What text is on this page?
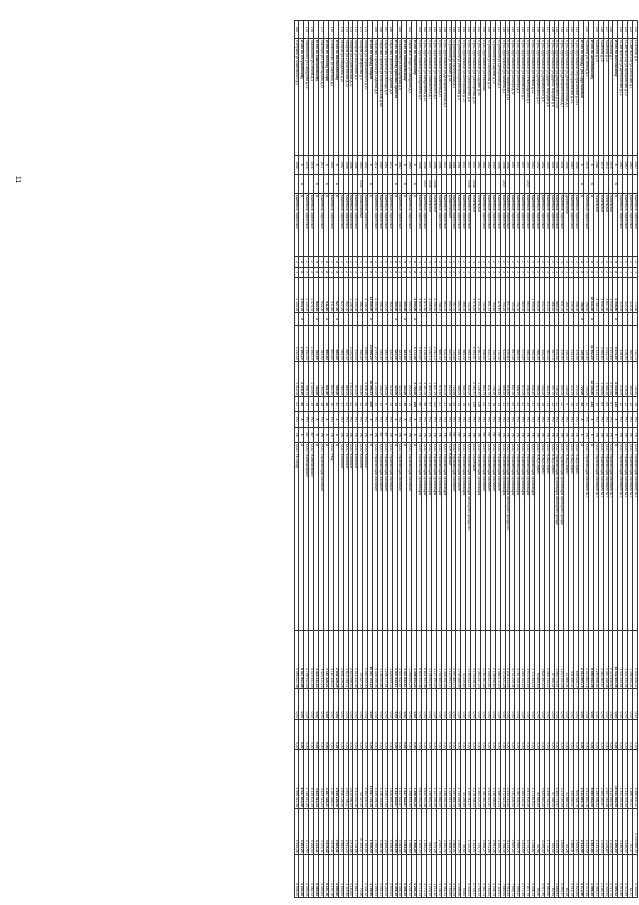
11
122	с.Октябрь д.8	1950		Каменные, кирпичные	2	1	772,80		712,70	702,50	18	РО	УК	ООО "Управляющая компания №1"	2 502 608,32	0,00	0,00	2 566 600,32	2 200 666,40	4 326,84
123	с.Светлый Бор ул.Школьная д.1	1960		Каменные, кирпичные	2	1	415,00		380,00	380,00	12	РО	УК	ООО "Управляющая компания №1"	1 456 553,01	0,00	0,00	1 366 795,07	81,37	81,37
124	с.Светлый Бор ул.Центральная д.10	1960		Каменные, кирпичные	2	1	410,00		378,00	378,00	12	РО	УК	ООО "Управляющая компания №1"	1 431 334,54	0,00	0,00	1 431 334,54	3 236,54	4 472,89
125	с.Светлый Бор ул.Центральная д.12	1960		Каменные, кирпичные	2	1	410,00		378,00	378,00	12	РО	УК	ООО "Управляющая компания №1"	1 431 334,54	0,00	0,00	1 431 334,54	3 236,54	4 472,89
	Итого по Вохтожскому	X	X	X	X	X	4 058,80	X	4 073,60	4 030,80	114	X	X	X	15 511 665,08	0,00	0,00	15 511 665,08	2 286,00	3 890,42
126	п.Шексна д.7	1978		Панельные	5	2	3 930,00		3 571,60	3 571,60	67	РО	УК	ООО "Управляющая компания №7"	2 413 946,52	0,00	0,00	2 413 946,52	1 224,50	1 717,70
127	п.Шексна д.14	1979		Панельные	5	2	3 857,80		3 411,70	3 564,30	63	РО	УК	ООО "Управляющая компания №7"	2 497 348,38	0,00	0,00	2 497 348,38	2 206,80	2 025,90
128	п.Шексна д.15	1979		Панельные	5	2	3 856,90		3 395,80	3 395,80	64	РО	УК	ООО "Управляющая компания №7"	2 483 360,67	0,00	0,00	2 483 360,67	2 205,40	2 185,30
129	п.Шексна д.16	1982		Панельные	5	2	3 786,70		1 573,10	1 573,10	30	РО	УК	ООО "Управляющая компания №7"	1 290 996,52	0,00	0,00	1 290 996,52	2 144,02	2 095,21
	Итого по Шекснинскому	X	X	X	X	X	15 431,40	X	11 952,20	12 104,80	224	X	X	X	8 685 652,09	0,00	0,00	8 685 652,09	1 887,84	1 998,38
130	п.Шексна ул.Ленина д.3	1976		Каменные, кирпичные	2	2	798,50		729,00	729,00	32	РО	УК	ООО "Управляющая компания №7"	2 513 863,78	0,00	0,00	2 513 863,78	2 513,59	4 072,98
	Итого по городу Гусь-Хрустальный	X	X	X	X	X	798,50	X	729,00	729,00	32	X	X	X	2 513 863,78	0,00	0,00	2 513 863,78	2 513,59	4 072,98
131	г.Гусь-Хрустальный пер.Пушкинский д.20/1	1958		Каменные, кирпичные	2	2	398,00		374,00	374,00	14	РО	УК	ООО "ЖЭЦ Сервис"	605 028,79	0,00	0,00	605 028,79	1 609,83	4 625,83
132	г.Гусь-Хрустальный пер.Пушкинский д.2/1	1960		Каменные, кирпичные	2	1	239,00		214,10	214,10	10	РО	УК	ООО "ЖЭЦ Сервис"	404 559,01	0,00	0,00	404 559,01	1 889,51	4 515,79
133	г.Гусь-Хрустальный ул.Демократическая д.3	1936		Деревянные	2	1	165,00		149,00	149,00	6	РО	УК	ООО "ЖЭЦ Сервис"	41 866,04	0,00	0,00	41 866,04	83,28	83,28
134	г.Гусь-Хрустальный ул.Демократическая д.7	1934		Каменные, кирпичные	3	2	631,70		579,00	552,00	12	РО	УК	ООО "Управляющая организация жилищного фонда"	1 210 191,25	0,00	0,00	1 210 191,25	2 845,94	4 093,37
135	г.Гусь-Хрустальный ул.Дзержинского д.27/29	1934		Каменные, кирпичные	2	2	884,00		815,00	736,52	22	РО	УК	ООО "Управляющая организация жилищного фонда"	1 990 775,57	0,00	0,00	1 990 775,57	2 505,09	4 688,94
136	г.Гусь-Хрустальный ул.Дружбы Народов д.6	1954		Каменные, кирпичные	2	1	466,10		397,70	397,70	12	РО	УК	ООО "ЖЭЦ Сервис"	57 366,04	0,00	0,00	57 366,04	763,53	80,53
137	г.Гусь-Хрустальный ул.Дружбы Народов д.8	1953		Каменные, кирпичные	2	2	412,10		363,40	363,40	13	РО	УК	ООО "ЖЭЦ Сервис"	2 449 734,21	0,00	0,00	2 449 734,21	1 774,42	8 663,66
138	г.Гусь-Хрустальный ул.Дзержинского д.5	1952		Каменные, кирпичные	2	2	443,70		403,00	403,00	18	РО	УК	ООО "ЖЭЦ Сервис"	1 624 591,40	0,00	0,00	1 624 591,40	3 000,30	4 017,99
139	г.Гусь-Хрустальный ул.Дзержинского д.10	1952		Каменные, кирпичные	2	2	600,00		566,00	566,00	20	РО	УК	ООО "ЖЭЦ Сервис"	90 665,65	0,00	0,00	90 665,65	55,96	55,96
140	г.Гусь-Хрустальный ул.Ленина д.12	1950		Каменные, кирпичные	2	2	1 050,00		944,40	944,40	21	РО	УК	ООО "Управляющая организация"	1 171 815,11	0,00	0,00	1 171 815,11	1 258,82	4 038,13
141	г.Гусь-Хрустальный ул.Ленинградская д.3	1957	2007	Каменные, кирпичные	2	2	660,00		558,30	558,30	25	РО	УК	ООО "Управляющая организация"	3 971 903,49	0,00	0,00	3 971 903,49	4 075,10	7 877,79
142	г.Гусь-Хрустальный ул.Маяковского д.1	1957		Каменные, кирпичные	2	2	660,00		571,00	571,00	22	РО	УК	ООО "Управляющая организация"	1 583 193,42	0,00	0,00	1 583 193,42	1 813,89	2 771,45
143	г.Гусь-Хрустальный ул.Октября д.4	1957		Каменные, кирпичные	2	2	752,00		668,50	668,50	23	РО	УК	ООО "Управляющая организация"	3 781 305,03	0,00	0,00	3 781 305,03	4 666,78	7 999,22
144	г.Гусь-Хрустальный ул.Октября д.11	1957		Каменные, кирпичные	2	2	724,20		647,30	647,30	25	РО	УК	ООО "Управляющая организация"	3 731 205,04	0,00	0,00	3 731 205,04	4 654,30	7 999,71
145	г.Гусь-Хрустальный ул.Тимирязева д.14	1958		Каменные, кирпичные	2	2	647,40		616,80	616,80	22	РО	УК	ООО "Управляющая организация жилищного фонда №1"	2 234 143,43	0,00	0,00	2 234 143,43	3 213,21	4 014,00
146	г.Гусь-Хрустальный ул.Чапаева д.1	1958	2007	Каменные, кирпичные	2	2	754,20		672,00	669,40	21	РО	УК	ООО "Управляющая организация"	3 372 621,28	0,00	0,00	3 372 621,28	4 768,39	7 689,94
147	п.Гусевский ул.Октябрьская д.4	1998		Каменные, кирпичные	2	2	876,40		772,30	776,40	15	РО	НУ	ООО "Управляющая компания"	1 986 072,23	0,00	0,00	1 986 072,23	2 495,14	4 116,91
148	п.Гусевский ул.Садовая д.10	1959		Каменные, кирпичные	2	2	763,60		705,30	705,30	18	РО	НУ	ООО "Управляющая компания"	2 138 998,83	0,00	0,00	2 138 998,83	2 991,26	4 038,75
149	п.Гусевский ул.Пионерская д.16	1962		Каменные, кирпичные	2	2	891,70		813,70	811,70	21	РО	НУ	ООО "Управляющая компания"	2 948 921,61	0,00	0,00	2 948 921,61	2 914,68	4 163,84
150	г.Гусь-Хрустальный ул.Рязанская	1961		Каменные, кирпичные	2	2	702,60		648,50	663,70	23	РО	НУ	ООО "Управляющая компания"	1 762 361,55	0,00	0,00	1 762 361,55	2 698,27	4 062,73
151	г.Гусь-Хрустальный ул.Садовая д.59	1962		Панельные	5	2	3 331,40		2 961,00	1 126,40	126	РО	УК	ООО "Управляющая организация"	2 363 207,23	0,00	0,00	2 363 207,23	704,72	2 753,15
152	г.Гусь-Хрустальный ул.Транспортная д.29	1937	2008	Панельные	3	1	4 976,25		4 304,57	2 351,57	100	РО	УК	ООО "Стройзаказ"	3 176 038,31	0,00	0,00	3 176 038,31	1 223,97	2 716,17
153	г.Гусь-Хрустальный ул.Транспортная д.8	1937	2008	Каменные, кирпичные	3	2	750,00		695,00	634,00	12	РО	УК	ООО "Управляющая организация жилищного фонда №1"	1 195 042,37	0,00	0,00	1 195 042,37	1 720,65	4 016,00
154	г.Гусь-Хрустальный ул.Октябрьская д.14	1937		Каменные, кирпичные	2	1	566,00		585,00	585,00	15	РО	УК	ООО "Управляющая организация"	30 259,85	0,00	0,00	30 259,85	59,64	59,64
155	п.Гусевский ул.Интернациональная д.4	1964		Каменные, кирпичные	2	2	694,00		646,10	486,00	13	РО	НУ	ООО "Управляющая компания"	1 739 466,99	0,00	0,00	1 739 466,99	2 502,05	4 596,88
156	п.Гусевский ул.Октябрьская д.2	1964		Каменные, кирпичные	2	2	757,70		710,00	722,80	23	РО	НУ	ООО "Управляющая компания"	2 097 883,13	0,00	0,00	2 097 883,13	2 888,64	4 162,25
157	п.Гусевский ул.Южная д.3а	1968		Шлакоблочные	2	2	692,00		620,00	620,00	18	РО	НУ	ТСЖ "Южный"	1 120 944,71	0,00	0,00	1 120 944,71	1 808,79	4 793,62
158	г.Гусь-Хрустальный ул.Демократическая д.4	1957		Каменные, кирпичные	2	2	663,00		614,00	614,00	21	РО	УК	ООО "Управляющая организация"	1 448 392,53	0,00	0,00	1 448 392,53	2 590,99	4 052,33
159	г.Гусь-Хрустальный ул.Калинина д.20	1956		Каменные, кирпичные	2	2	758,00		686,30	670,40	21	РО	УК	ООО "Управляющая организация"	1 794 680,00	0,00	0,00	1 794 680,00	2 544,79	4 138,02
160	г.Гусь-Хрустальный ул.Чайковского д.5	1956	2008	Панельные	5	4	2 256,50		2 032,10	1 857,10	100	РО	УК	ООО "Управляющая организация"	1 127 495,30	0,00	0,00	1 127 495,30	670,28	1 212,32
161	г.Гусь-Хрустальный ул.Чайковского д.7	1957	2008	Панельные	5	4	2 256,60		2 032,10	1 865,10	97	РО	УК	ООО "Управляющая организация"	1 138 693,50	0,00	0,00	1 138 693,50	683,82	1 229,35
162	г.Гусь-Хрустальный ул.Менделеева д.10	1958	2007	Каменные, кирпичные	3	3	4 871,60		4 418,30	4 387,00	98	РО	УК	ООО "Управляющая организация"	6 844 953,58	0,00	0,00	6 844 953,58	1 492,21	3 770,13
163	г.Гусь-Хрустальный ул.Менделеева д.9	1958		Каменные, кирпичные	3	3	4 809,00		4 445,60	4 366,70	96	РО	УК	ООО "Управляющая организация"	6 844 953,58	0,00	0,00	6 844 953,58	1 500,30	3 772,14
	Итого по Ленинскому	X	X	X	X	X	4 095,00	X	3 771,00	3 750,00	108	X	X	X	1 398 654,25	0,00	0,00	1 398 654,25	1 986,69	4 294,14
164	п.Красные Усады ул.Заводская д.1	1960		Каменные, кирпичные	2	2	355,00		323,00	323,00	10	РО	УК	ООО "Управляющая компания"	1 398 654,25	0,00	0,00	1 398 654,25	1 986,69	4 294,14
	Итого по Малышевскому	X	X	X	X	X	355,00	X	323,00	323,00	10	X	X	X	1 437 632,87	0,00	0,00	1 437 632,87	4 083,09	4 456,35
165	п.Малышево ул.Молодежная д.8	1960		Каменные, кирпичные	2	1	355,00		323,00	323,00	14	РО	УК	ООО "Управляющая компания"	1 437 632,87	0,00	0,00	1 437 632,87	4 083,09	4 456,35
	Итого по поселку Красная Горбатка	X	X	X	X	X	355,00	X	323,00	323,00	14	X	X	X	1 437 632,87	0,00	0,00	1 437 632,87	4 083,09	4 456,35
166	п.Красная Горбатка ул.Садовая д.8	1972		Каменные, кирпичные	2	2	460,00		433,00	419,00	12	РО	УК	ООО "Управляющая компания"	1 828 655,33	0,00	0,00	1 828 655,33	4 408,81	4 633,60
167	п.Красная Горбатка ул.Свободы д.9	1961		Каменные, кирпичные	2	2	330,00		295,00	295,00	8	РО	ВУ	ООО "Управляющая компания"	1 258 177,94	0,00	0,00	1 258 177,94	2 908,25	8 245,25
168	п.Красная Горбатка ул.Комсомольская д.6а	1965		Каменные, кирпичные	2	1	396,00		335,00	335,00	10	РО	ВУ	ООО "Управляющая компания"	1 136 055,85	0,00	0,00	1 136 055,85	3 265,48	3 391,21
169	п.Красная Горбатка ул.Садовая д.6	1972		Каменные, кирпичные	2	2	2 303,60		2 075,20	2 100,00	35	РО	УК	ООО "Управляющая компания"	3 309 099,05	0,00	0,00	3 309 099,05	1 595,06	1 995,00
	Итого по городу Ковров	X	X	X	X	X	11 840,00	X	10 958,20	10 985,21	200	X	X	X	10 067 703,14	0,00	0,00	10 067 703,14	1 556,00	3 759,95
170	г.Ковров ул.Чернышевского д.10	1959		Каменные, кирпичные	3	1	4 148,00		3 896,40	3 806,10	98	РО	УК	ООО "Комбинат"	4 562 500,00	0,00	0,00	4 562 500,00	1 164,84	2 354,12
171	г.Ковров ул.Некрасова д.5	1953	2009	Шлакоблочные	2	1	388,00		345,40	345,40	10	РО	УК	ООО "Комбинат"	45 327,00	0,00	0,00	45 327,00	47 253,47	70,06
172	г.Ковров ул.Восточная д.5	1956		Каменные, кирпичные	2	2	1 004,00		915,00	915,00	28	РО	УК	ООО "Комбинат"	2 514 932,58	0,00	0,00	2 514 932,58	2 748,56	3 862,77
173	г.Ковров ул.Строительная д.11	1958		Каменные, кирпичные	2	2	1 106,00		1 014,00	1 014,00	22	РО	УК	ООО "Комбинат"	2 615 996,53	0,00	0,00	2 615 996,53	2 579,88	4 160,62
174	г.Ковров ул.Строительная д.13	1958		Каменные, кирпичные	2	2	962,00		889,00	889,00	20	РО	УК	ООО "Комбинат"	2 614 798,11	0,00	0,00	2 614 798,11	2 941,29	4 114,96
175	г.Ковров ул.Свердлова д.19	1962		Каменные, кирпичные	2	2	627,00		565,00	565,00	17	РО	УК	ООО "Комбинат"	2 646 128,26	0,00	0,00	2 646 128,26	4 683,41	4 695,80
	Итого по Вязниковскому	X	X	X	X	X	627,00	X	565,00	565,00	17	X	X	X	2 646 128,26	0,00	0,00	2 646 128,26	4 683,41	4 695,80
176	п.Никологоры ул.Заречная д.2	1961		Каменные, кирпичные	2	1	911,60		850,80	821,80	16	РО	УК	ООО "РКЦ"	3 187 328,21	0,00	0,00	3 187 328,21	3 879,42	4 197,16
	Итого по поселку Мстера	X	X	X	X	X	911,60	X	850,80	821,80	16	X	X	X	3 187 328,21	0,00	0,00	3 187 328,21	3 879,42	4 197,16
177	п.Мстера ул.Пролетарская д.20	1971		Каменные, кирпичные	2	2	844,00		783,00	783,00	18	РО	УК	ООО "Управляющая компания"	3 423 411,23	0,00	0,00	3 423 411,23	4 372,11	4 595,84
	Итого по Камешковскому	X	X	X	X	X	844,00	X	783,00	783,00	18	X	X	X	3 423 411,23	0,00	0,00	3 423 411,23	4 372,11	4 595,84
178	г.Камешково ул.Ленина д.4	1978		Каменные, кирпичные	2	2	1 474,70		1 350,10	1 320,60	25	РО	ВУ	ООО "Жилкомсервис"	5 319 401,49	0,00	0,00	5 319 401,49	4 028,00	4 382,13
179	г.Камешково ул.Свердлова д.14	1978		Каменные, кирпичные	2	2	1 140,00		1 044,00	998,70	19	РО	ВУ	ООО "Жилкомсервис"	2 708 442,49	0,00	0,00	2 708 442,49	2 711,94	4 093,09
	Итого по Петушинскому	X	X	X	X	X	2 614,70	X	2 394,10	2 319,30	44	X	X	X	8 027 843,98	0,00	0,00	8 027 843,98	3 461,25	4 251,50
180	г.Петушки ул.Маяковского д.9	1958		Каменные, кирпичные	2	1	1 100,00		1 012,00	1 012,00	21	РО	УК	ООО "УК Город"	4 599 021,08	0,00	0,00	4 599 021,08	4 544,48	4 536,30
